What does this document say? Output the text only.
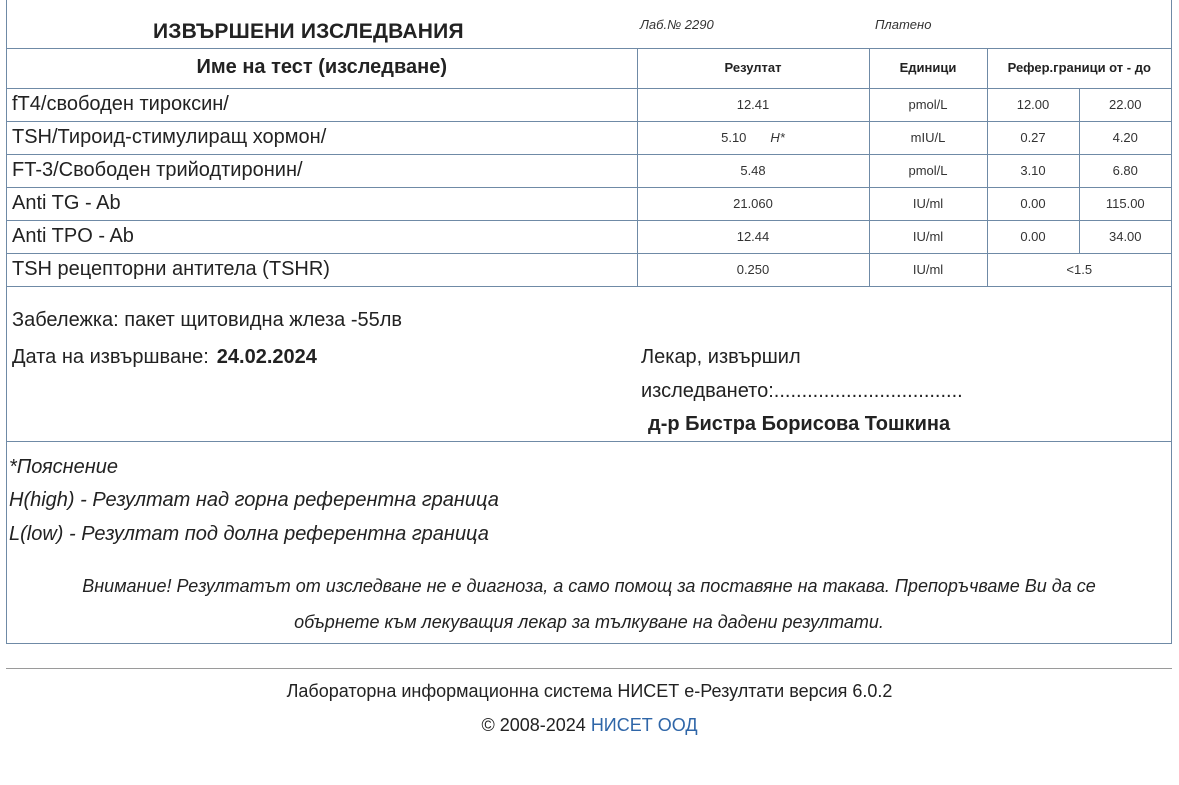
ИЗВЪРШЕНИ ИЗСЛЕДВАНИЯ	Лаб.№ 2290	Платено
Име на тест (изследване)	Резултат	Единици	Рефер.граници от - до	
fT4/свободен тироксин/	12.41	pmol/L	12.00	22.00
TSH/Тироид-стимулиращ хормон/	5.10 H*	mIU/L	0.27	4.20
FT-3/Свободен трийодтиронин/	5.48	pmol/L	3.10	6.80
Anti TG - Ab	21.060	IU/ml	0.00	115.00
Anti TPO - Ab	12.44	IU/ml	0.00	34.00
TSH рецепторни антитела (TSHR)	0.250	IU/ml	<1.5	
Забележка: пакет щитовидна жлеза -55лв
Дата на извършване: 24.02.2024	Лекар, извършил
изследването:..................................
д-р Бистра Борисова Тошкина
*Пояснение
H(high) - Резултат над горна референтна граница
L(low) - Резултат под долна референтна граница
Внимание! Резултатът от изследване не е диагноза, а само помощ за поставяне на такава. Препоръчваме Ви да се
обърнете към лекуващия лекар за тълкуване на дадени резултати.
Лабораторна информационна система НИСЕТ е-Резултати версия 6.0.2
© 2008-2024 НИСЕТ ООД
